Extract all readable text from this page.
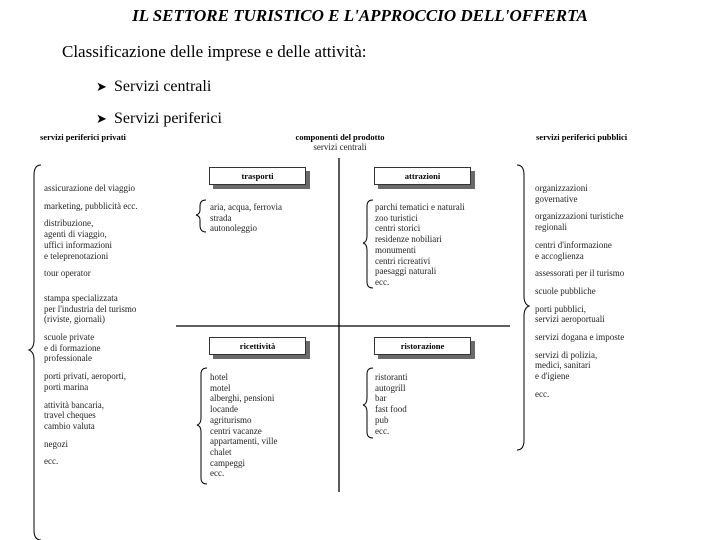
IL SETTORE TURISTICO E L'APPROCCIO DELL'OFFERTA
Classificazione delle imprese e delle attività:
➤ Servizi centrali
➤ Servizi periferici
servizi periferici privati	componenti del prodotto
servizi centrali
servizi periferici pubblici
trasporti	attrazioni
ricettività	ristorazione
assicurazione del viaggio
marketing, pubblicità ecc.
distribuzione,
agenti di viaggio,
uffici informazioni
e teleprenotazioni
tour operator
stampa specializzata
per l'industria del turismo
(riviste, giornali)
scuole private
e di formazione
professionale
porti privati, aeroporti,
porti marina
attività bancaria,
travel cheques
cambio valuta
negozi
ecc.
aria, acqua, ferrovia
strada
autonoleggio
parchi tematici e naturali
zoo turistici
centri storici
residenze nobiliari
monumenti
centri ricreativi
paesaggi naturali
ecc.
hotel
motel
alberghi, pensioni
locande
agriturismo
centri vacanze
appartamenti, ville
chalet
campeggi
ecc.
ristoranti
autogrill
bar
fast food
pub
ecc.
organizzazioni
governative
organizzazioni turistiche
regionali
centri d'informazione
e accoglienza
assessorati per il turismo
scuole pubbliche
porti pubblici,
servizi aeroportuali
servizi dogana e imposte
servizi di polizia,
medici, sanitari
e d'igiene
ecc.
